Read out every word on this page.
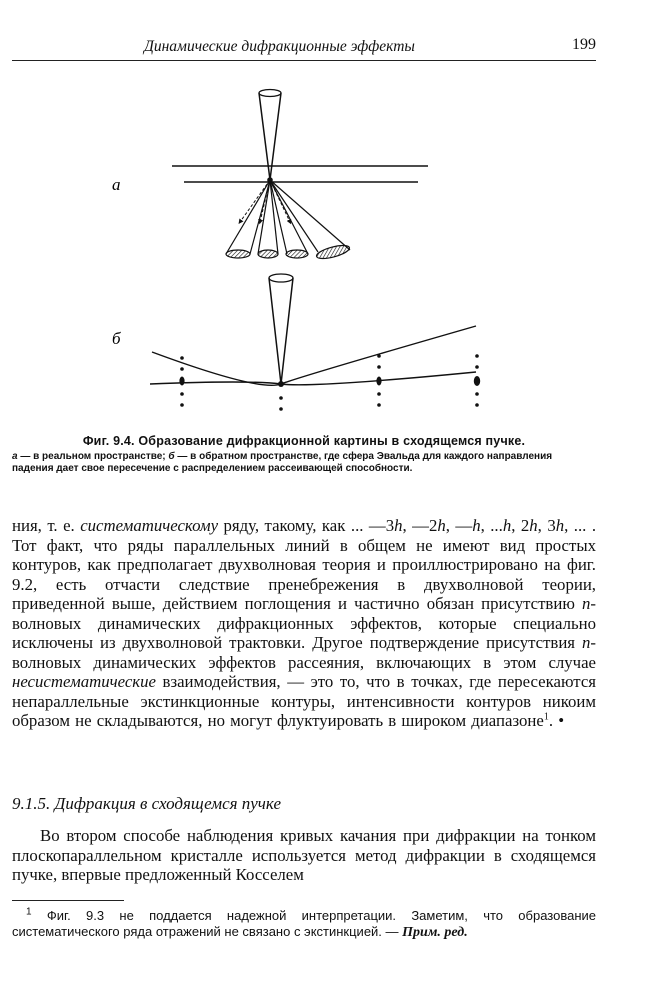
Динамические дифракционные эффекты	199
а
б
Фиг. 9.4. Образование дифракционной картины в сходящемся пучке.
а — в реальном пространстве; б — в обратном пространстве, где сфера Эвальда для каждого направления падения дает свое пересечение с распределением рассеивающей способности.

ния, т. е. систематическому ряду, такому, как ... —3h, —2h, —h, ...h, 2h, 3h, ... . Тот факт, что ряды параллельных линий в общем не имеют вид простых контуров, как предполагает двухволновая теория и проиллюстрировано на фиг. 9.2, есть отчасти следствие пренебрежения в двухволновой теории, приведенной выше, действием поглощения и частично обязан присутствию n-волновых динамических дифракционных эффектов, которые специально исключены из двухволновой трактовки. Другое подтверждение присутствия n-волновых динамических эффектов рассеяния, включающих в этом случае несистематические взаимодействия, — это то, что в точках, где пересекаются непараллельные экстинкционные контуры, интенсивности контуров никоим образом не складываются, но могут флуктуировать в широком диапазоне$^1$. •

9.1.5. Дифракция в сходящемся пучке

Во втором способе наблюдения кривых качания при дифракции на тонком плоскопараллельном кристалле используется метод дифракции в сходящемся пучке, впервые предложенный Косселем

$^1$ Фиг. 9.3 не поддается надежной интерпретации. Заметим, что образование систематического ряда отражений не связано с экстинкцией. — Прим. ред.
